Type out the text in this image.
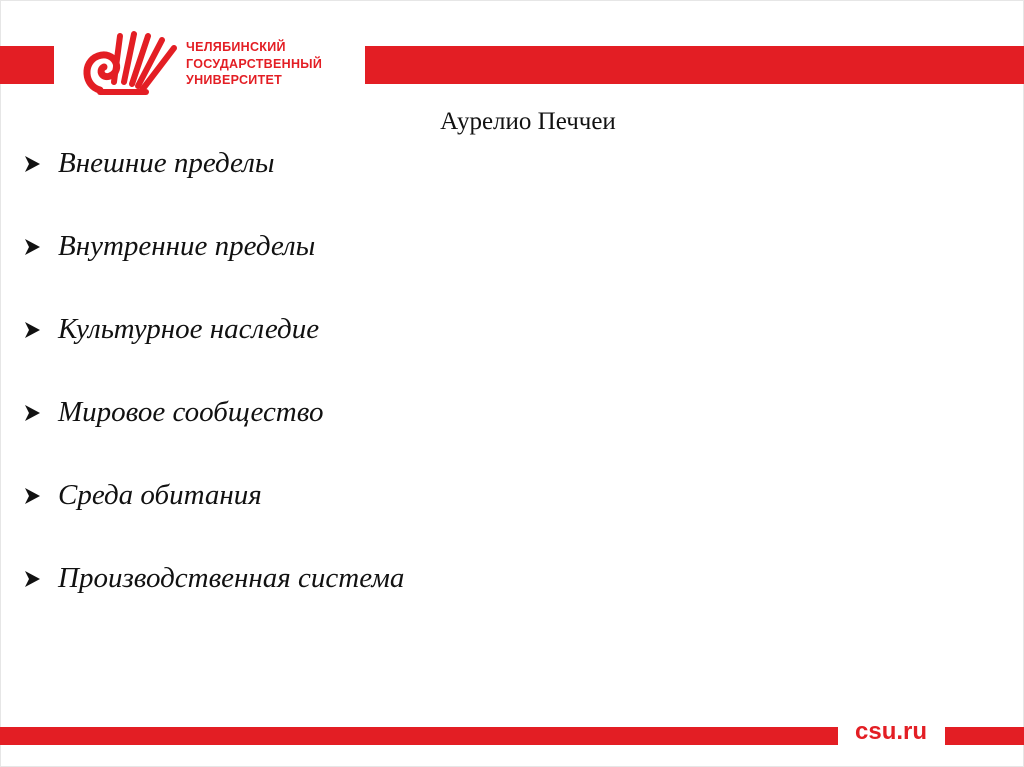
ЧЕЛЯБИНСКИЙ
ГОСУДАРСТВЕННЫЙ
УНИВЕРСИТЕТ
Аурелио Печчеи
Внешние пределы
Внутренние пределы
Культурное наследие
Мировое сообщество
Среда обитания
Производственная система
csu.ru
